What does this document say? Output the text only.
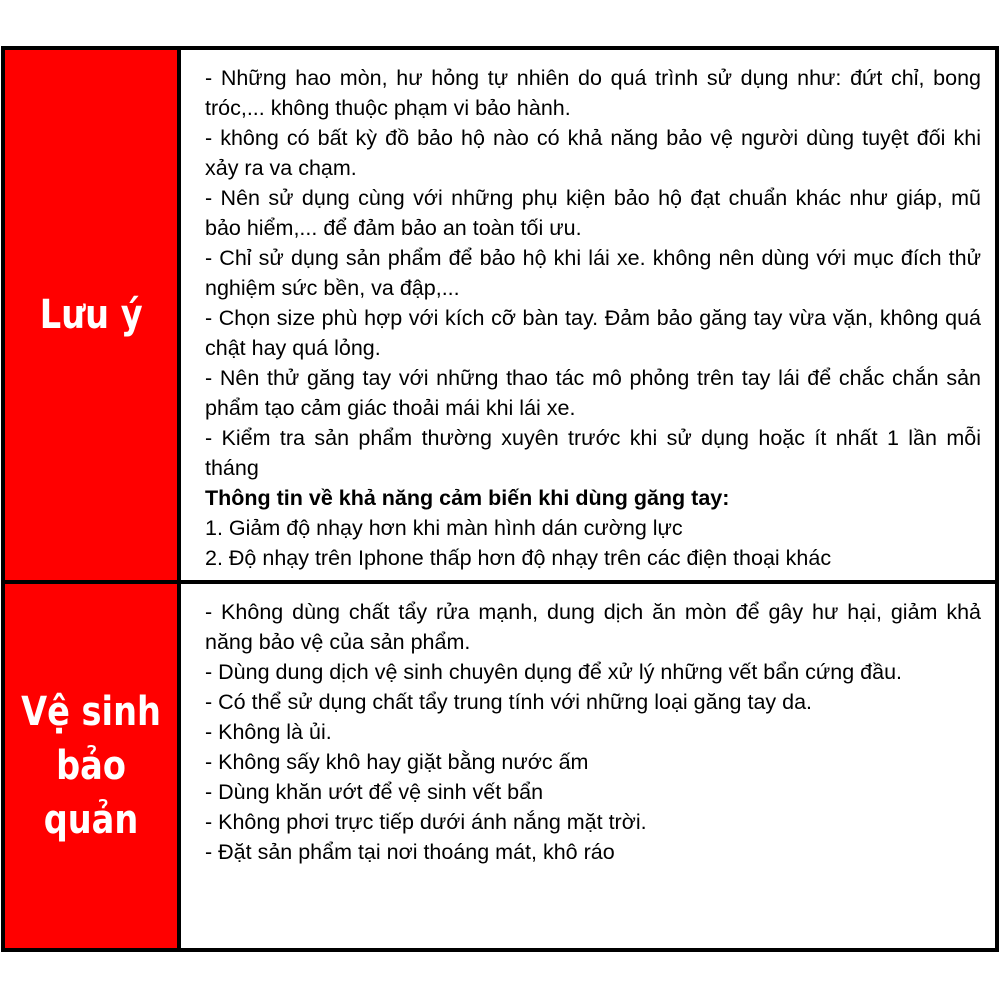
Lưu ý
- Những hao mòn, hư hỏng tự nhiên do quá trình sử dụng như: đứt chỉ, bong tróc,... không thuộc phạm vi bảo hành.
- không có bất kỳ đồ bảo hộ nào có khả năng bảo vệ người dùng tuyệt đối khi xảy ra va chạm.
- Nên sử dụng cùng với những phụ kiện bảo hộ đạt chuẩn khác như giáp, mũ bảo hiểm,... để đảm bảo an toàn tối ưu.
- Chỉ sử dụng sản phẩm để bảo hộ khi lái xe. không nên dùng với mục đích thử nghiệm sức bền, va đập,...
- Chọn size phù hợp với kích cỡ bàn tay. Đảm bảo găng tay vừa vặn, không quá chật hay quá lỏng.
- Nên thử găng tay với những thao tác mô phỏng trên tay lái để chắc chắn sản phẩm tạo cảm giác thoải mái khi lái xe.
- Kiểm tra sản phẩm thường xuyên trước khi sử dụng hoặc ít nhất 1 lần mỗi tháng
Thông tin về khả năng cảm biến khi dùng găng tay:
1. Giảm độ nhạy hơn khi màn hình dán cường lực
2. Độ nhạy trên Iphone thấp hơn độ nhạy trên các điện thoại khác
Vệ sinh
bảo quản
- Không dùng chất tẩy rửa mạnh, dung dịch ăn mòn để gây hư hại, giảm khả năng bảo vệ của sản phẩm.
- Dùng dung dịch vệ sinh chuyên dụng để xử lý những vết bẩn cứng đầu.
- Có thể sử dụng chất tẩy trung tính với những loại găng tay da.
- Không là ủi.
- Không sấy khô hay giặt bằng nước ấm
- Dùng khăn ướt để vệ sinh vết bẩn
- Không phơi trực tiếp dưới ánh nắng mặt trời.
- Đặt sản phẩm tại nơi thoáng mát, khô ráo
